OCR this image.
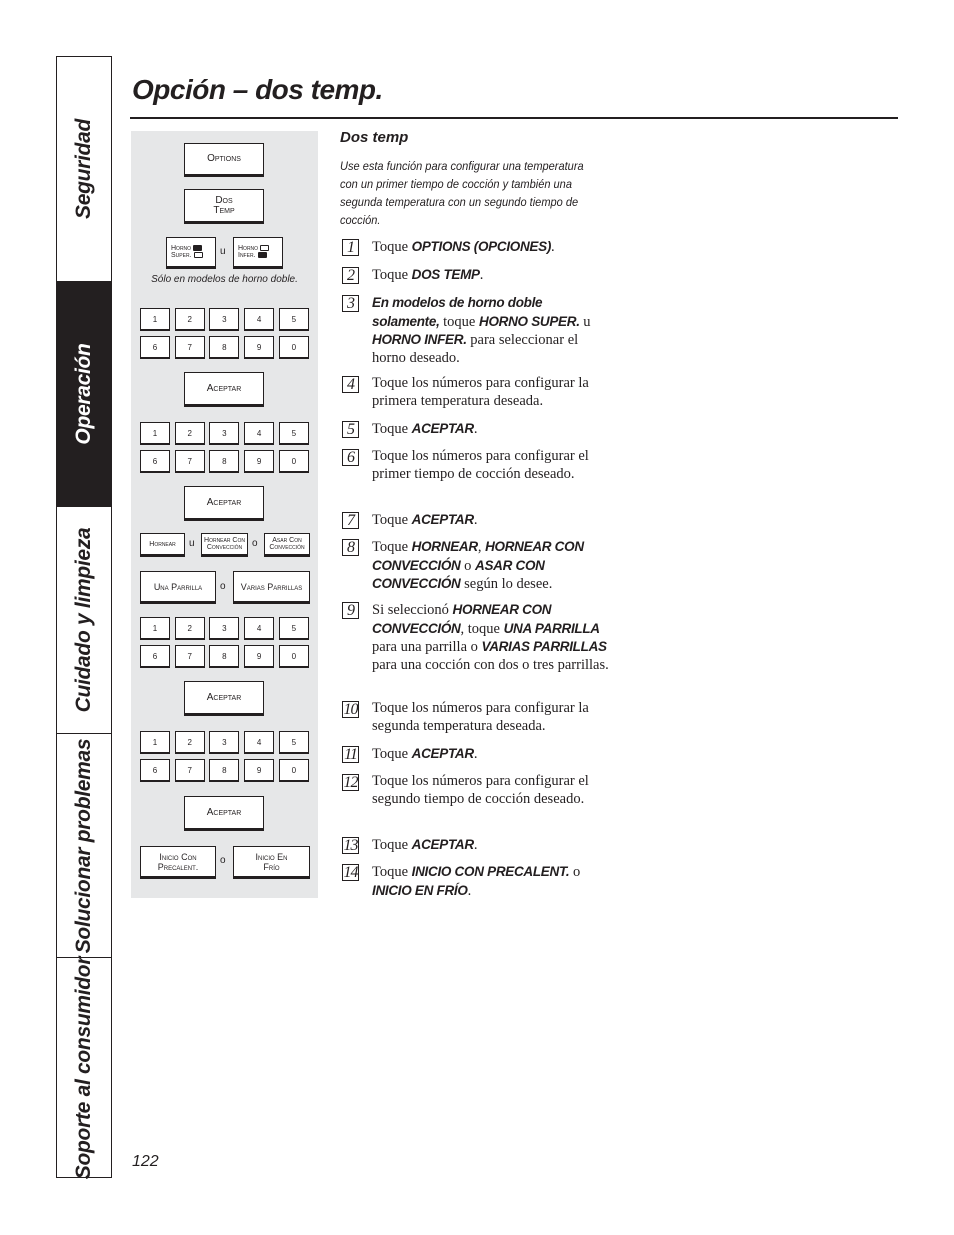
Seguridad
Operación
Cuidado y limpieza
Solucionar problemas
Soporte al consumidor
Opción – dos temp.
Options
Dos
Temp
Horno
Super.	u Horno
Infer.
Sólo en modelos de horno doble.
1	2	3	4	5
6	7	8	9	0
Aceptar
1	2	3	4	5
6	7	8	9	0
Aceptar
Hornear u Hornear Con
Convección o Asar Con
Convección
Una Parrilla o Varias Parrillas
1	2	3	4	5
6	7	8	9	0
Aceptar
1	2	3	4	5
6	7	8	9	0
Aceptar
Inicio Con
Precalent.
o	Inicio En
Frío
Dos temp

Use esta función para configurar una temperatura con un primer tiempo de cocción y también una segunda temperatura con un segundo tiempo de cocción.

1	Toque OPTIONS (OPCIONES).

2	Toque DOS TEMP.

3	En modelos de horno doble solamente, toque HORNO SUPER. u HORNO INFER. para seleccionar el horno deseado.

4	Toque los números para configurar la primera temperatura deseada.

5	Toque ACEPTAR.

6	Toque los números para configurar el primer tiempo de cocción deseado.

7	Toque ACEPTAR.

8	Toque HORNEAR, HORNEAR CON CONVECCIÓN o ASAR CON CONVECCIÓN según lo desee.

9	Si seleccionó HORNEAR CON CONVECCIÓN, toque UNA PARRILLA para una parrilla o VARIAS PARRILLAS para una cocción con dos o tres parrillas.

10 Toque los números para configurar la segunda temperatura deseada.

11 Toque ACEPTAR.

12 Toque los números para configurar el segundo tiempo de cocción deseado.

13 Toque ACEPTAR.

14 Toque INICIO CON PRECALENT. o INICIO EN FRÍO.

122
